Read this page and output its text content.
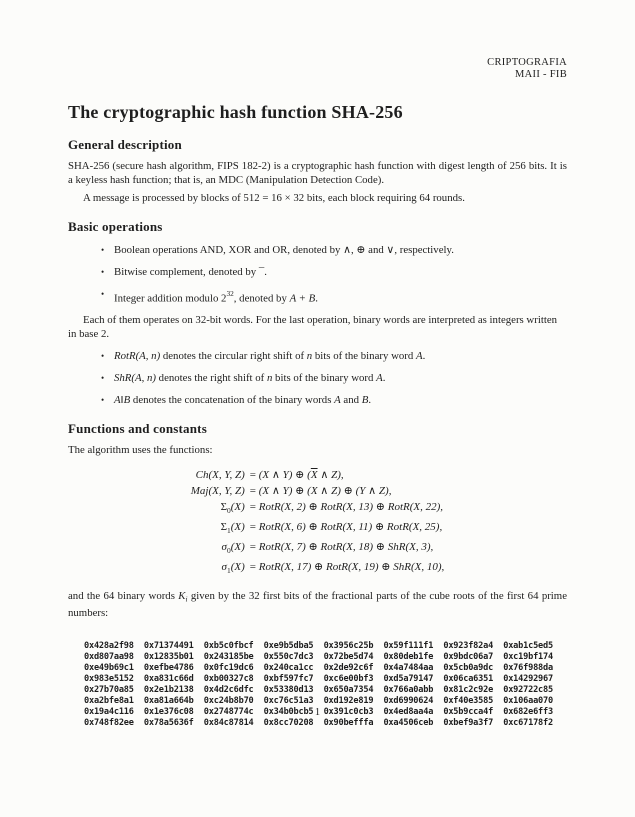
CRIPTOGRAFIA
MAII - FIB
The cryptographic hash function SHA-256
General description

SHA-256 (secure hash algorithm, FIPS 182-2) is a cryptographic hash function with digest length of 256 bits. It is a keyless hash function; that is, an MDC (Manipulation Detection Code).

A message is processed by blocks of 512 = 16 × 32 bits, each block requiring 64 rounds.

Basic operations
• Boolean operations AND, XOR and OR, denoted by ∧, ⊕ and ∨, respectively.
• Bitwise complement, denoted by ¯.
• Integer addition modulo $2^{32}$, denoted by A + B.

Each of them operates on 32-bit words. For the last operation, binary words are interpreted as integers written in base 2.

• RotR(A, n) denotes the circular right shift of n bits of the binary word A.
• ShR(A, n) denotes the right shift of n bits of the binary word A.
• A‖B denotes the concatenation of the binary words A and B.
Functions and constants

The algorithm uses the functions:

Ch(X, Y, Z) = (X ∧ Y) ⊕ ($\overline{X}$ ∧ Z),
Maj(X, Y, Z) = (X ∧ Y) ⊕ (X ∧ Z) ⊕ (Y ∧ Z),
$\Sigma_0(X)$ = RotR(X, 2) ⊕ RotR(X, 13) ⊕ RotR(X, 22),
$\Sigma_1(X)$ = RotR(X, 6) ⊕ RotR(X, 11) ⊕ RotR(X, 25),
$\sigma_0(X)$ = RotR(X, 7) ⊕ RotR(X, 18) ⊕ ShR(X, 3),
$\sigma_1(X)$ = RotR(X, 17) ⊕ RotR(X, 19) ⊕ ShR(X, 10),

and the 64 binary words $K_i$ given by the 32 first bits of the fractional parts of the cube roots of the first 64 prime numbers:

0x428a2f98 0x71374491 0xb5c0fbcf 0xe9b5dba5 0x3956c25b 0x59f111f1 0x923f82a4 0xab1c5ed5
0xd807aa98 0x12835b01 0x243185be 0x550c7dc3 0x72be5d74 0x80deb1fe 0x9bdc06a7 0xc19bf174
0xe49b69c1 0xefbe4786 0x0fc19dc6 0x240ca1cc 0x2de92c6f 0x4a7484aa 0x5cb0a9dc 0x76f988da
0x983e5152 0xa831c66d 0xb00327c8 0xbf597fc7 0xc6e00bf3 0xd5a79147 0x06ca6351 0x14292967
0x27b70a85 0x2e1b2138 0x4d2c6dfc 0x53380d13 0x650a7354 0x766a0abb 0x81c2c92e 0x92722c85
0xa2bfe8a1 0xa81a664b 0xc24b8b70 0xc76c51a3 0xd192e819 0xd6990624 0xf40e3585 0x106aa070
0x19a4c116 0x1e376c08 0x2748774c 0x34b0bcb5 0x391c0cb3 0x4ed8aa4a 0x5b9cca4f 0x682e6ff3
0x748f82ee 0x78a5636f 0x84c87814 0x8cc70208 0x90befffa 0xa4506ceb 0xbef9a3f7 0xc67178f2
1
